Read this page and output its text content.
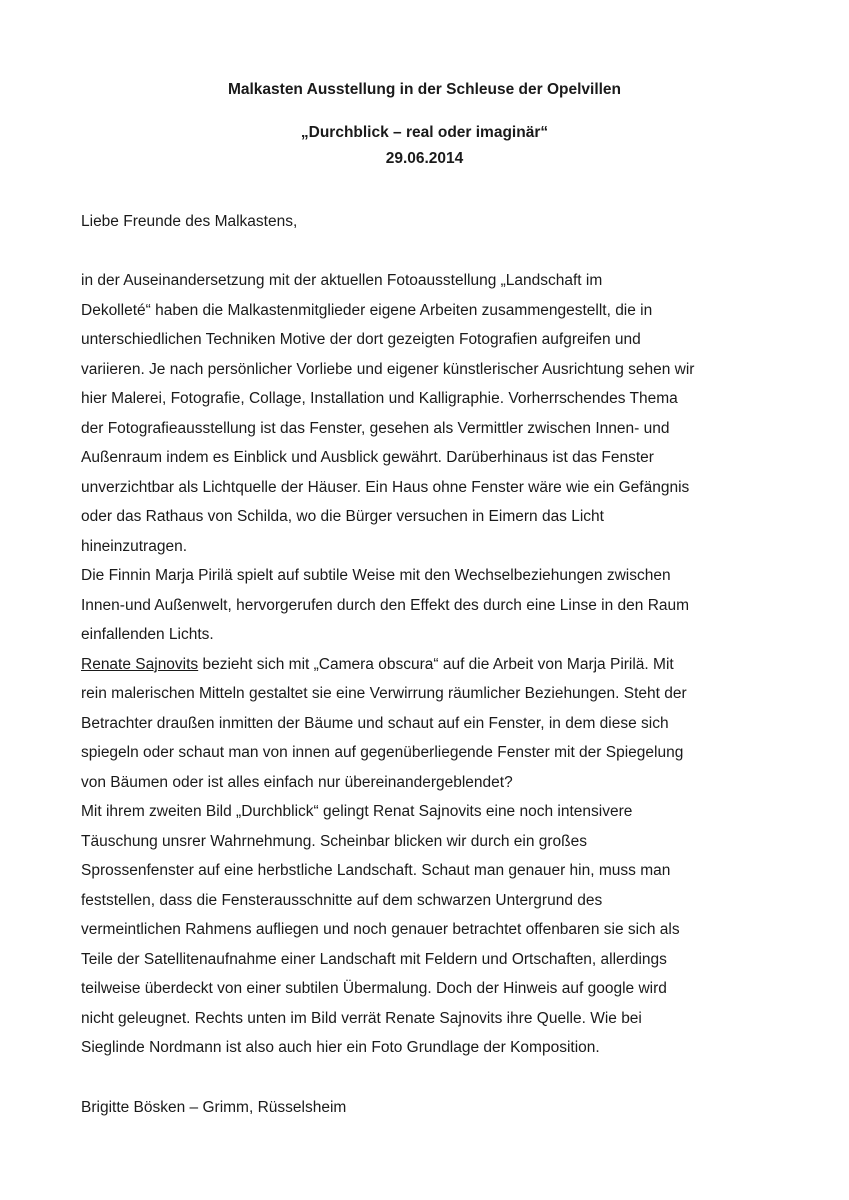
Malkasten Ausstellung in der Schleuse der Opelvillen
„Durchblick – real oder imaginär“
29.06.2014
Liebe Freunde des Malkastens,
in der Auseinandersetzung mit der aktuellen Fotoausstellung „Landschaft im
Dekolleté“ haben die Malkastenmitglieder eigene Arbeiten zusammengestellt, die in
unterschiedlichen Techniken Motive der dort gezeigten Fotografien aufgreifen und
variieren. Je nach persönlicher Vorliebe und eigener künstlerischer Ausrichtung sehen wir
hier Malerei, Fotografie, Collage, Installation und Kalligraphie. Vorherrschendes Thema
der Fotografieausstellung ist das Fenster, gesehen als Vermittler zwischen Innen- und
Außenraum indem es Einblick und Ausblick gewährt. Darüberhinaus ist das Fenster
unverzichtbar als Lichtquelle der Häuser. Ein Haus ohne Fenster wäre wie ein Gefängnis
oder das Rathaus von Schilda, wo die Bürger versuchen in Eimern das Licht
hineinzutragen.
Die Finnin Marja Pirilä spielt auf subtile Weise mit den Wechselbeziehungen zwischen
Innen-und Außenwelt, hervorgerufen durch den Effekt des durch eine Linse in den Raum
einfallenden Lichts.
Renate Sajnovits bezieht sich mit „Camera obscura“ auf die Arbeit von Marja Pirilä. Mit
rein malerischen Mitteln gestaltet sie eine Verwirrung räumlicher Beziehungen. Steht der
Betrachter draußen inmitten der Bäume und schaut auf ein Fenster, in dem diese sich
spiegeln oder schaut man von innen auf gegenüberliegende Fenster mit der Spiegelung
von Bäumen oder ist alles einfach nur übereinandergeblendet?
Mit ihrem zweiten Bild „Durchblick“ gelingt Renat Sajnovits eine noch intensivere
Täuschung unsrer Wahrnehmung. Scheinbar blicken wir durch ein großes
Sprossenfenster auf eine herbstliche Landschaft. Schaut man genauer hin, muss man
feststellen, dass die Fensterausschnitte auf dem schwarzen Untergrund des
vermeintlichen Rahmens aufliegen und noch genauer betrachtet offenbaren sie sich als
Teile der Satellitenaufnahme einer Landschaft mit Feldern und Ortschaften, allerdings
teilweise überdeckt von einer subtilen Übermalung. Doch der Hinweis auf google wird
nicht geleugnet. Rechts unten im Bild verrät Renate Sajnovits ihre Quelle. Wie bei
Sieglinde Nordmann ist also auch hier ein Foto Grundlage der Komposition.
Brigitte Bösken – Grimm, Rüsselsheim
